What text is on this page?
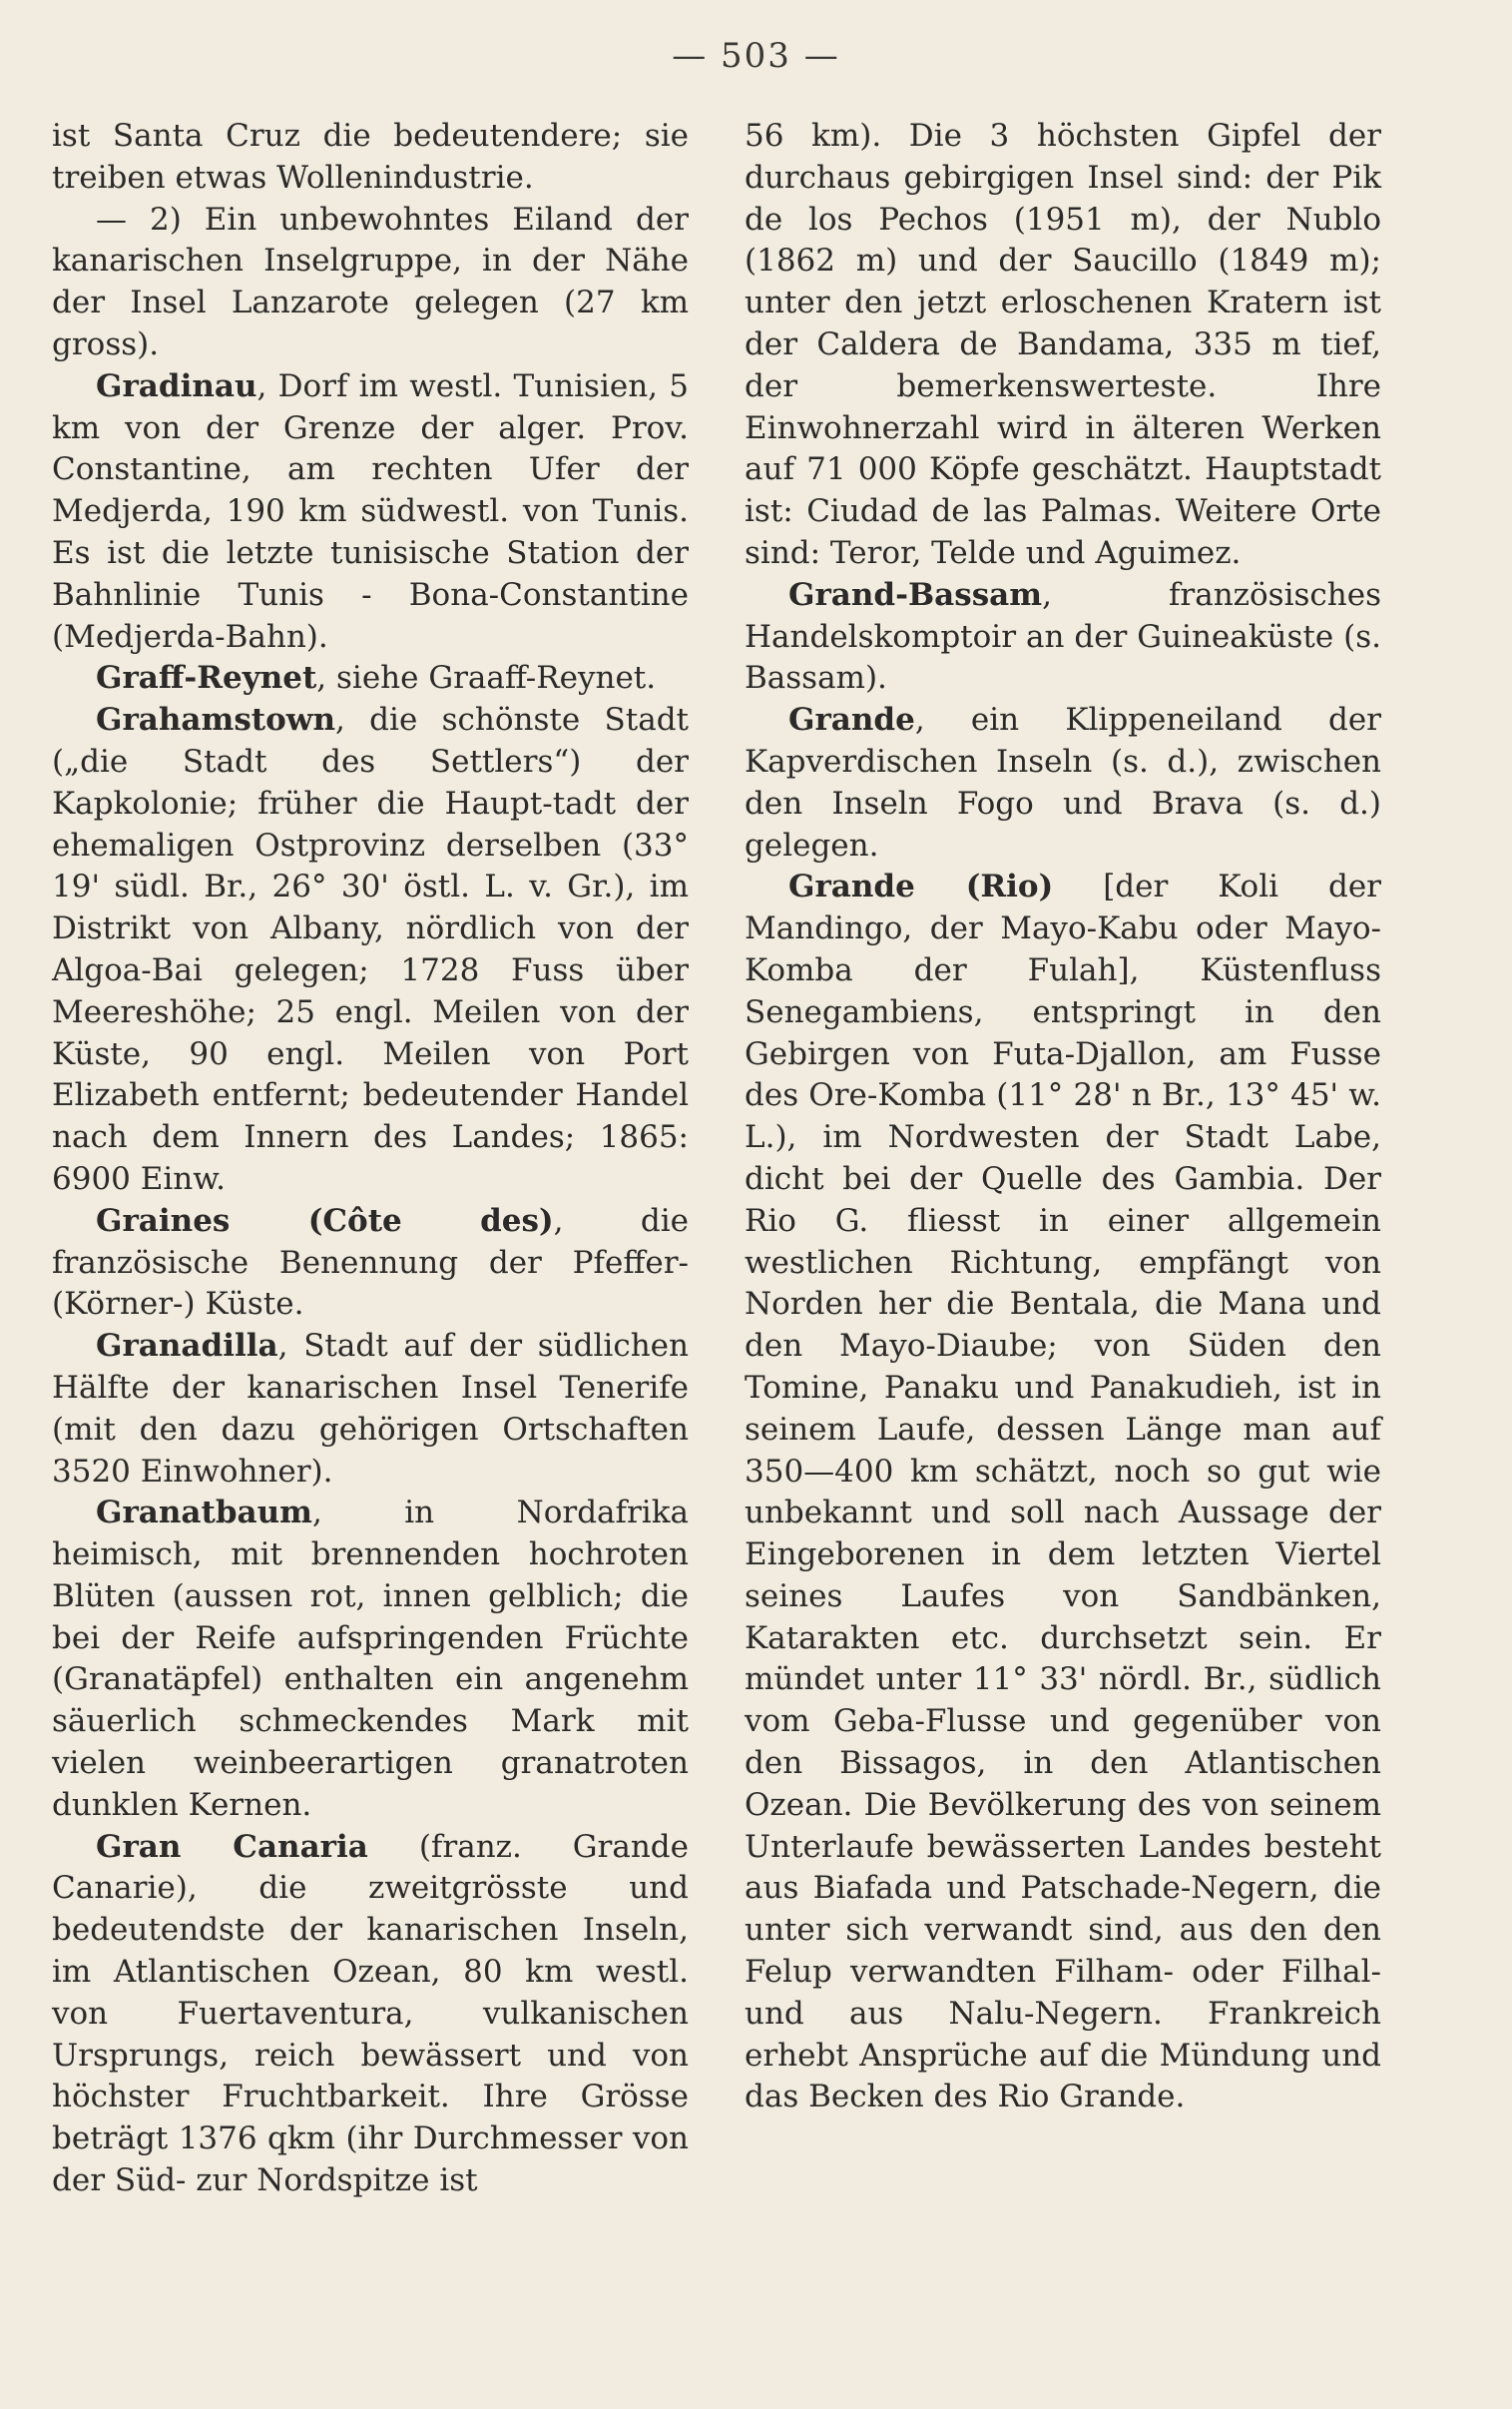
— 503 —

ist Santa Cruz die bedeutendere; sie treiben etwas Wollenindustrie.

— 2) Ein unbewohntes Eiland der kanarischen Inselgruppe, in der Nähe der Insel Lanzarote gelegen (27 km gross).

Gradinau, Dorf im westl. Tunisien, 5 km von der Grenze der alger. Prov. Constantine, am rechten Ufer der Medjerda, 190 km südwestl. von Tunis. Es ist die letzte tunisische Station der Bahnlinie Tunis - Bona-Constantine (Medjerda-Bahn).

Graff-Reynet, siehe Graaff-Reynet.

Grahamstown, die schönste Stadt („die Stadt des Settlers“) der Kapkolonie; früher die Haupt-tadt der ehemaligen Ostprovinz derselben (33° 19' südl. Br., 26° 30' östl. L. v. Gr.), im Distrikt von Albany, nördlich von der Algoa-Bai gelegen; 1728 Fuss über Meereshöhe; 25 engl. Meilen von der Küste, 90 engl. Meilen von Port Elizabeth entfernt; bedeutender Handel nach dem Innern des Landes; 1865: 6900 Einw.

Graines (Côte des), die französische Benennung der Pfeffer- (Körner-) Küste.

Granadilla, Stadt auf der südlichen Hälfte der kanarischen Insel Tenerife (mit den dazu gehörigen Ortschaften 3520 Einwohner).

Granatbaum, in Nordafrika heimisch, mit brennenden hochroten Blüten (aussen rot, innen gelblich; die bei der Reife aufspringenden Früchte (Granatäpfel) enthalten ein angenehm säuerlich schmeckendes Mark mit vielen weinbeerartigen granatroten dunklen Kernen.

Gran Canaria (franz. Grande Canarie), die zweitgrösste und bedeutendste der kanarischen Inseln, im Atlantischen Ozean, 80 km westl. von Fuertaventura, vulkanischen Ursprungs, reich bewässert und von höchster Fruchtbarkeit. Ihre Grösse beträgt 1376 qkm (ihr Durchmesser von der Süd- zur Nordspitze ist

56 km). Die 3 höchsten Gipfel der durchaus gebirgigen Insel sind: der Pik de los Pechos (1951 m), der Nublo (1862 m) und der Saucillo (1849 m); unter den jetzt erloschenen Kratern ist der Caldera de Bandama, 335 m tief, der bemerkenswerteste. Ihre Einwohnerzahl wird in älteren Werken auf 71 000 Köpfe geschätzt. Hauptstadt ist: Ciudad de las Palmas. Weitere Orte sind: Teror, Telde und Aguimez.

Grand-Bassam, französisches Handelskomptoir an der Guineaküste (s. Bassam).

Grande, ein Klippeneiland der Kapverdischen Inseln (s. d.), zwischen den Inseln Fogo und Brava (s. d.) gelegen.

Grande (Rio) [der Koli der Mandingo, der Mayo-Kabu oder Mayo-Komba der Fulah], Küstenfluss Senegambiens, entspringt in den Gebirgen von Futa-Djallon, am Fusse des Ore-Komba (11° 28' n Br., 13° 45' w. L.), im Nordwesten der Stadt Labe, dicht bei der Quelle des Gambia. Der Rio G. fliesst in einer allgemein westlichen Richtung, empfängt von Norden her die Bentala, die Mana und den Mayo-Diaube; von Süden den Tomine, Panaku und Panakudieh, ist in seinem Laufe, dessen Länge man auf 350—400 km schätzt, noch so gut wie unbekannt und soll nach Aussage der Eingeborenen in dem letzten Viertel seines Laufes von Sandbänken, Katarakten etc. durchsetzt sein. Er mündet unter 11° 33' nördl. Br., südlich vom Geba-Flusse und gegenüber von den Bissagos, in den Atlantischen Ozean. Die Bevölkerung des von seinem Unterlaufe bewässerten Landes besteht aus Biafada und Patschade-Negern, die unter sich verwandt sind, aus den den Felup verwandten Filham- oder Filhal- und aus Nalu-Negern. Frankreich erhebt Ansprüche auf die Mündung und das Becken des Rio Grande.
